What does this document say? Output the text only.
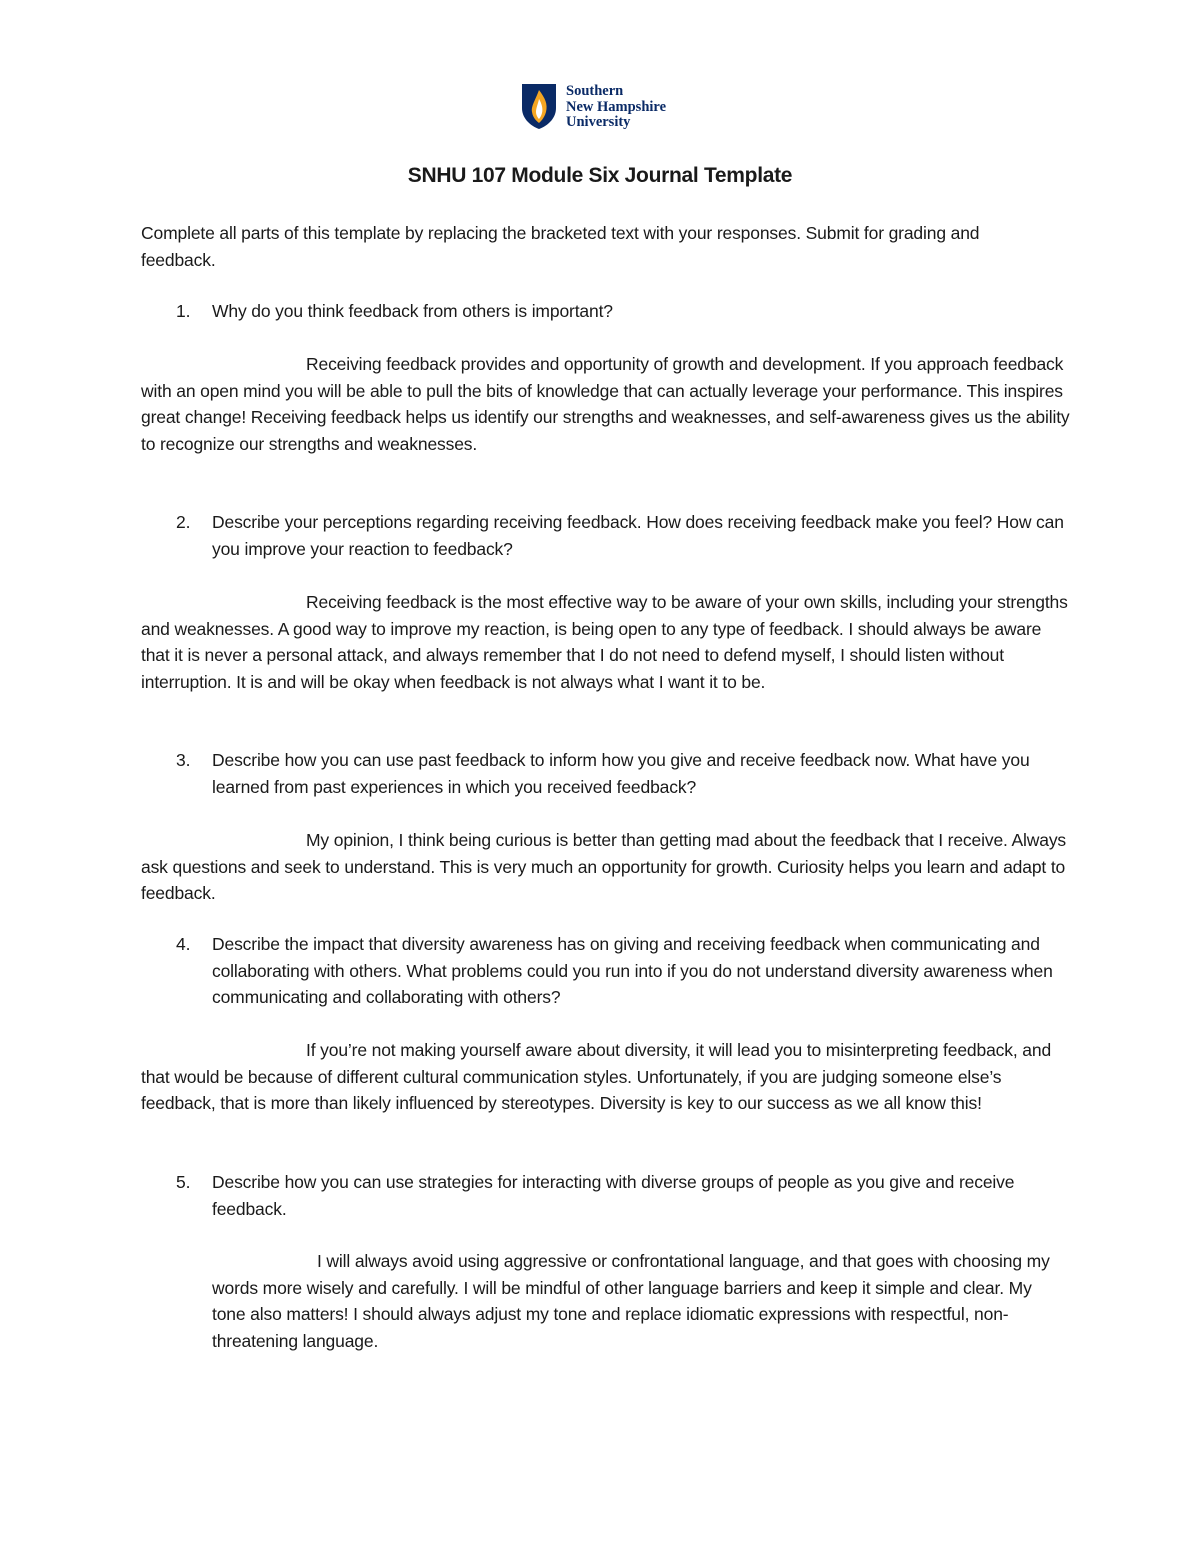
Southern
New Hampshire
University
SNHU 107 Module Six Journal Template
Complete all parts of this template by replacing the bracketed text with your responses. Submit for grading and feedback.
1. Why do you think feedback from others is important?
Receiving feedback provides and opportunity of growth and development. If you approach feedback with an open mind you will be able to pull the bits of knowledge that can actually leverage your performance. This inspires great change! Receiving feedback helps us identify our strengths and weaknesses, and self-awareness gives us the ability to recognize our strengths and weaknesses.
2. Describe your perceptions regarding receiving feedback. How does receiving feedback make you feel? How can you improve your reaction to feedback?
Receiving feedback is the most effective way to be aware of your own skills, including your strengths and weaknesses. A good way to improve my reaction, is being open to any type of feedback. I should always be aware that it is never a personal attack, and always remember that I do not need to defend myself, I should listen without interruption. It is and will be okay when feedback is not always what I want it to be.
3. Describe how you can use past feedback to inform how you give and receive feedback now. What have you learned from past experiences in which you received feedback?
My opinion, I think being curious is better than getting mad about the feedback that I receive. Always ask questions and seek to understand. This is very much an opportunity for growth. Curiosity helps you learn and adapt to feedback.
4. Describe the impact that diversity awareness has on giving and receiving feedback when communicating and collaborating with others. What problems could you run into if you do not understand diversity awareness when communicating and collaborating with others?
If you’re not making yourself aware about diversity, it will lead you to misinterpreting feedback, and that would be because of different cultural communication styles. Unfortunately, if you are judging someone else’s feedback, that is more than likely influenced by stereotypes. Diversity is key to our success as we all know this!
5. Describe how you can use strategies for interacting with diverse groups of people as you give and receive feedback.
I will always avoid using aggressive or confrontational language, and that goes with choosing my words more wisely and carefully. I will be mindful of other language barriers and keep it simple and clear. My tone also matters! I should always adjust my tone and replace idiomatic expressions with respectful, non-threatening language.
